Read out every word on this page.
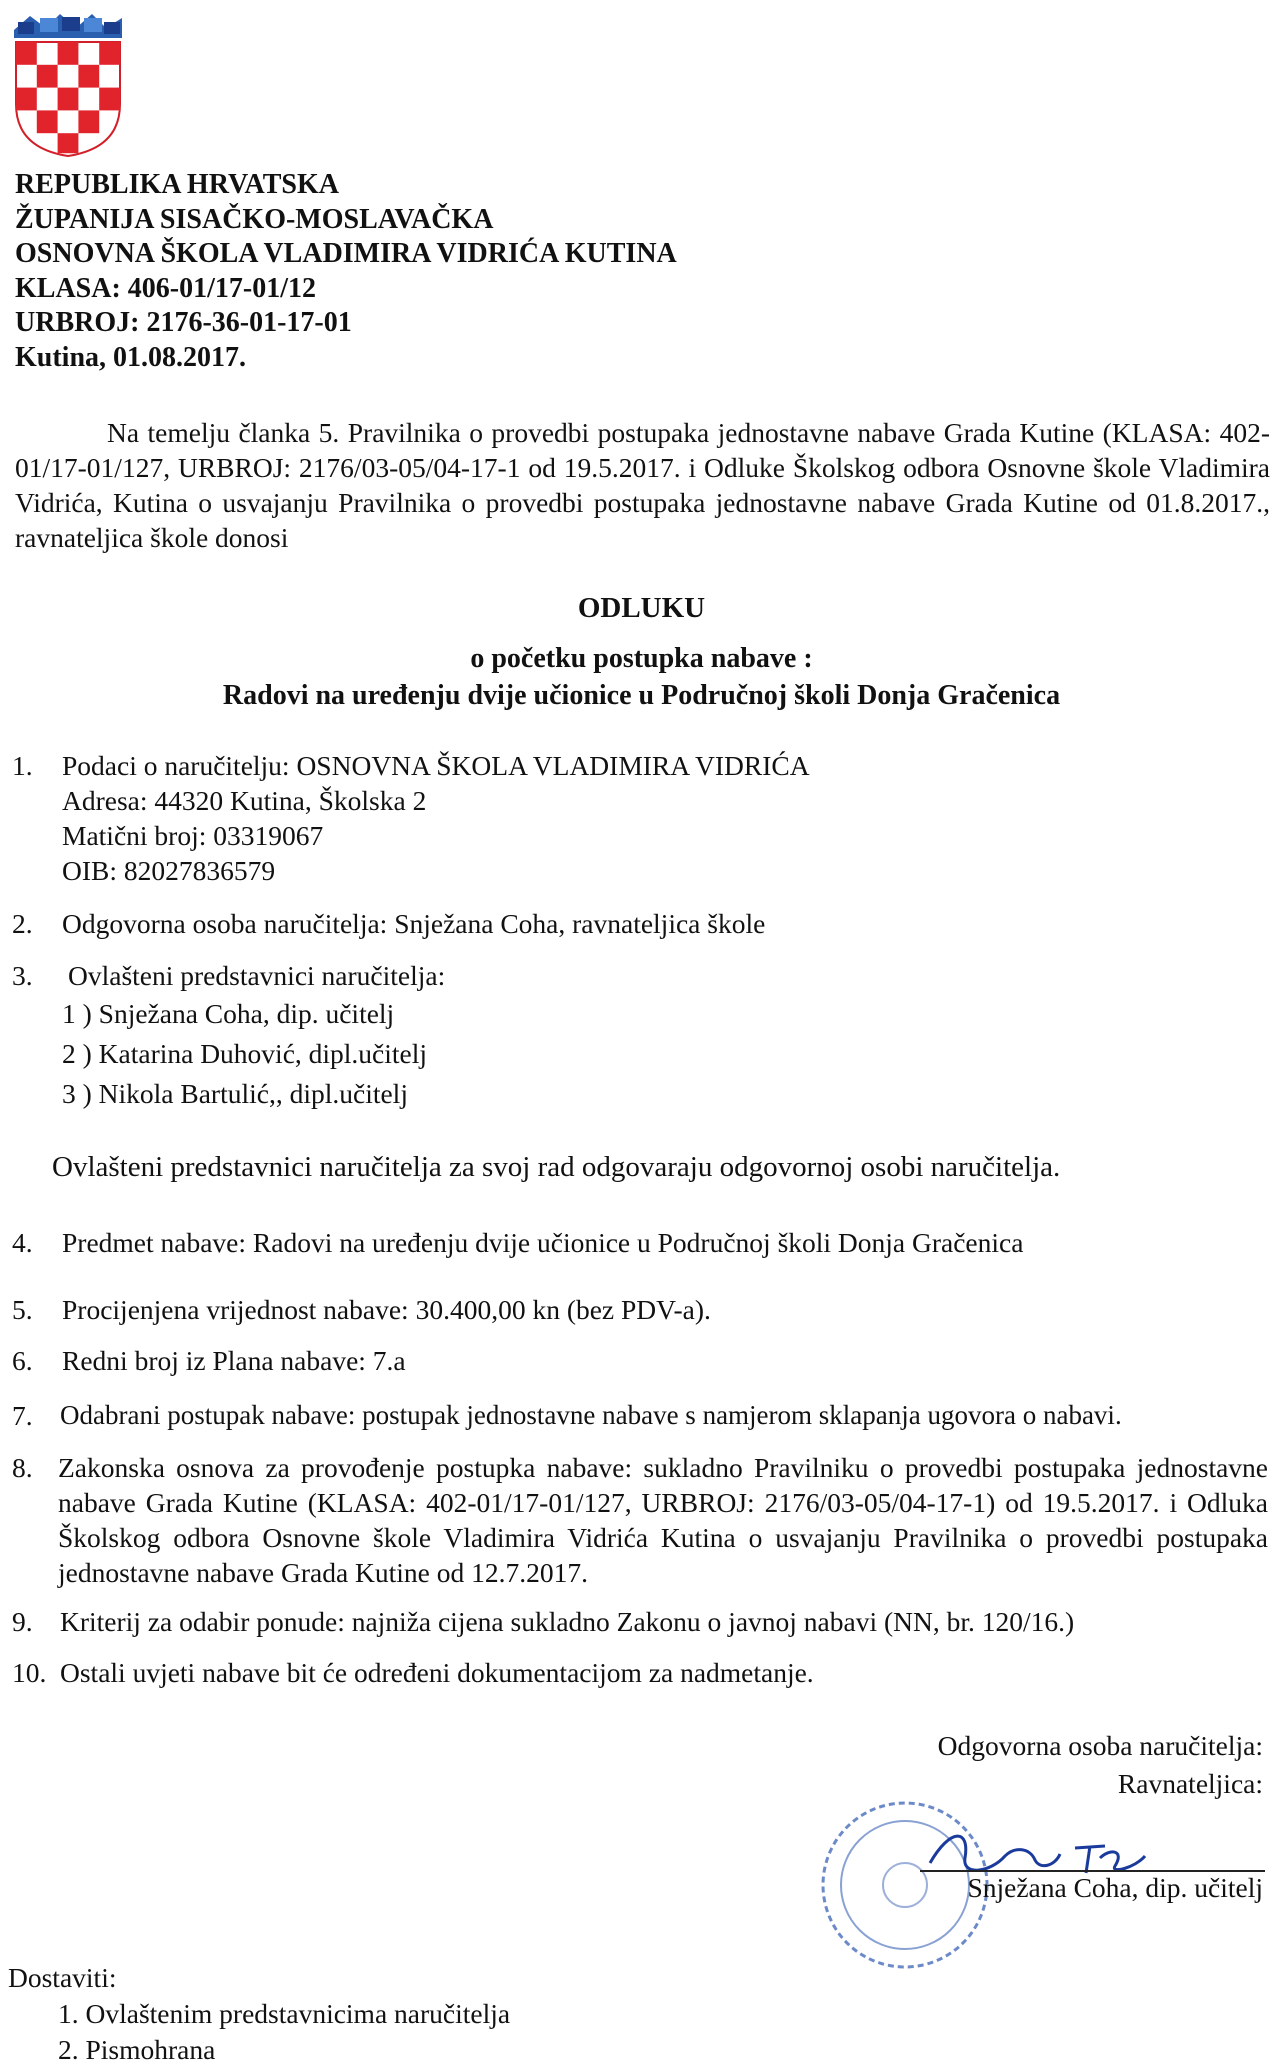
REPUBLIKA HRVATSKA
ŽUPANIJA SISAČKO-MOSLAVAČKA
OSNOVNA ŠKOLA VLADIMIRA VIDRIĆA KUTINA
KLASA: 406-01/17-01/12
URBROJ: 2176-36-01-17-01
Kutina, 01.08.2017.
Na temelju članka 5. Pravilnika o provedbi postupaka jednostavne nabave Grada Kutine (KLASA: 402-01/17-01/127, URBROJ: 2176/03-05/04-17-1 od 19.5.2017. i Odluke Školskog odbora Osnovne škole Vladimira Vidrića, Kutina o usvajanju Pravilnika o provedbi postupaka jednostavne nabave Grada Kutine od 01.8.2017., ravnateljica škole donosi
ODLUKU
o početku postupka nabave :
Radovi na uređenju dvije učionice u Područnoj školi Donja Gračenica
1. Podaci o naručitelju: OSNOVNA ŠKOLA VLADIMIRA VIDRIĆA
Adresa: 44320 Kutina, Školska 2
Matični broj: 03319067
OIB: 82027836579
2. Odgovorna osoba naručitelja: Snježana Coha, ravnateljica škole
3. Ovlašteni predstavnici naručitelja:
1 ) Snježana Coha, dip. učitelj
2 ) Katarina Duhović, dipl.učitelj
3 ) Nikola Bartulić,, dipl.učitelj
Ovlašteni predstavnici naručitelja za svoj rad odgovaraju odgovornoj osobi naručitelja.
4. Predmet nabave: Radovi na uređenju dvije učionice u Područnoj školi Donja Gračenica
5. Procijenjena vrijednost nabave: 30.400,00 kn (bez PDV-a).
6. Redni broj iz Plana nabave: 7.a
7. Odabrani postupak nabave: postupak jednostavne nabave s namjerom sklapanja ugovora o nabavi.
8. Zakonska osnova za provođenje postupka nabave: sukladno Pravilniku o provedbi postupaka jednostavne nabave Grada Kutine (KLASA: 402-01/17-01/127, URBROJ: 2176/03-05/04-17-1) od 19.5.2017. i Odluka Školskog odbora Osnovne škole Vladimira Vidrića Kutina o usvajanju Pravilnika o provedbi postupaka jednostavne nabave Grada Kutine od 12.7.2017.
9. Kriterij za odabir ponude: najniža cijena sukladno Zakonu o javnoj nabavi (NN, br. 120/16.)
10. Ostali uvjeti nabave bit će određeni dokumentacijom za nadmetanje.
Odgovorna osoba naručitelja:
Ravnateljica:
Snježana Coha, dip. učitelj
Dostaviti:
1. Ovlaštenim predstavnicima naručitelja
2. Pismohrana
